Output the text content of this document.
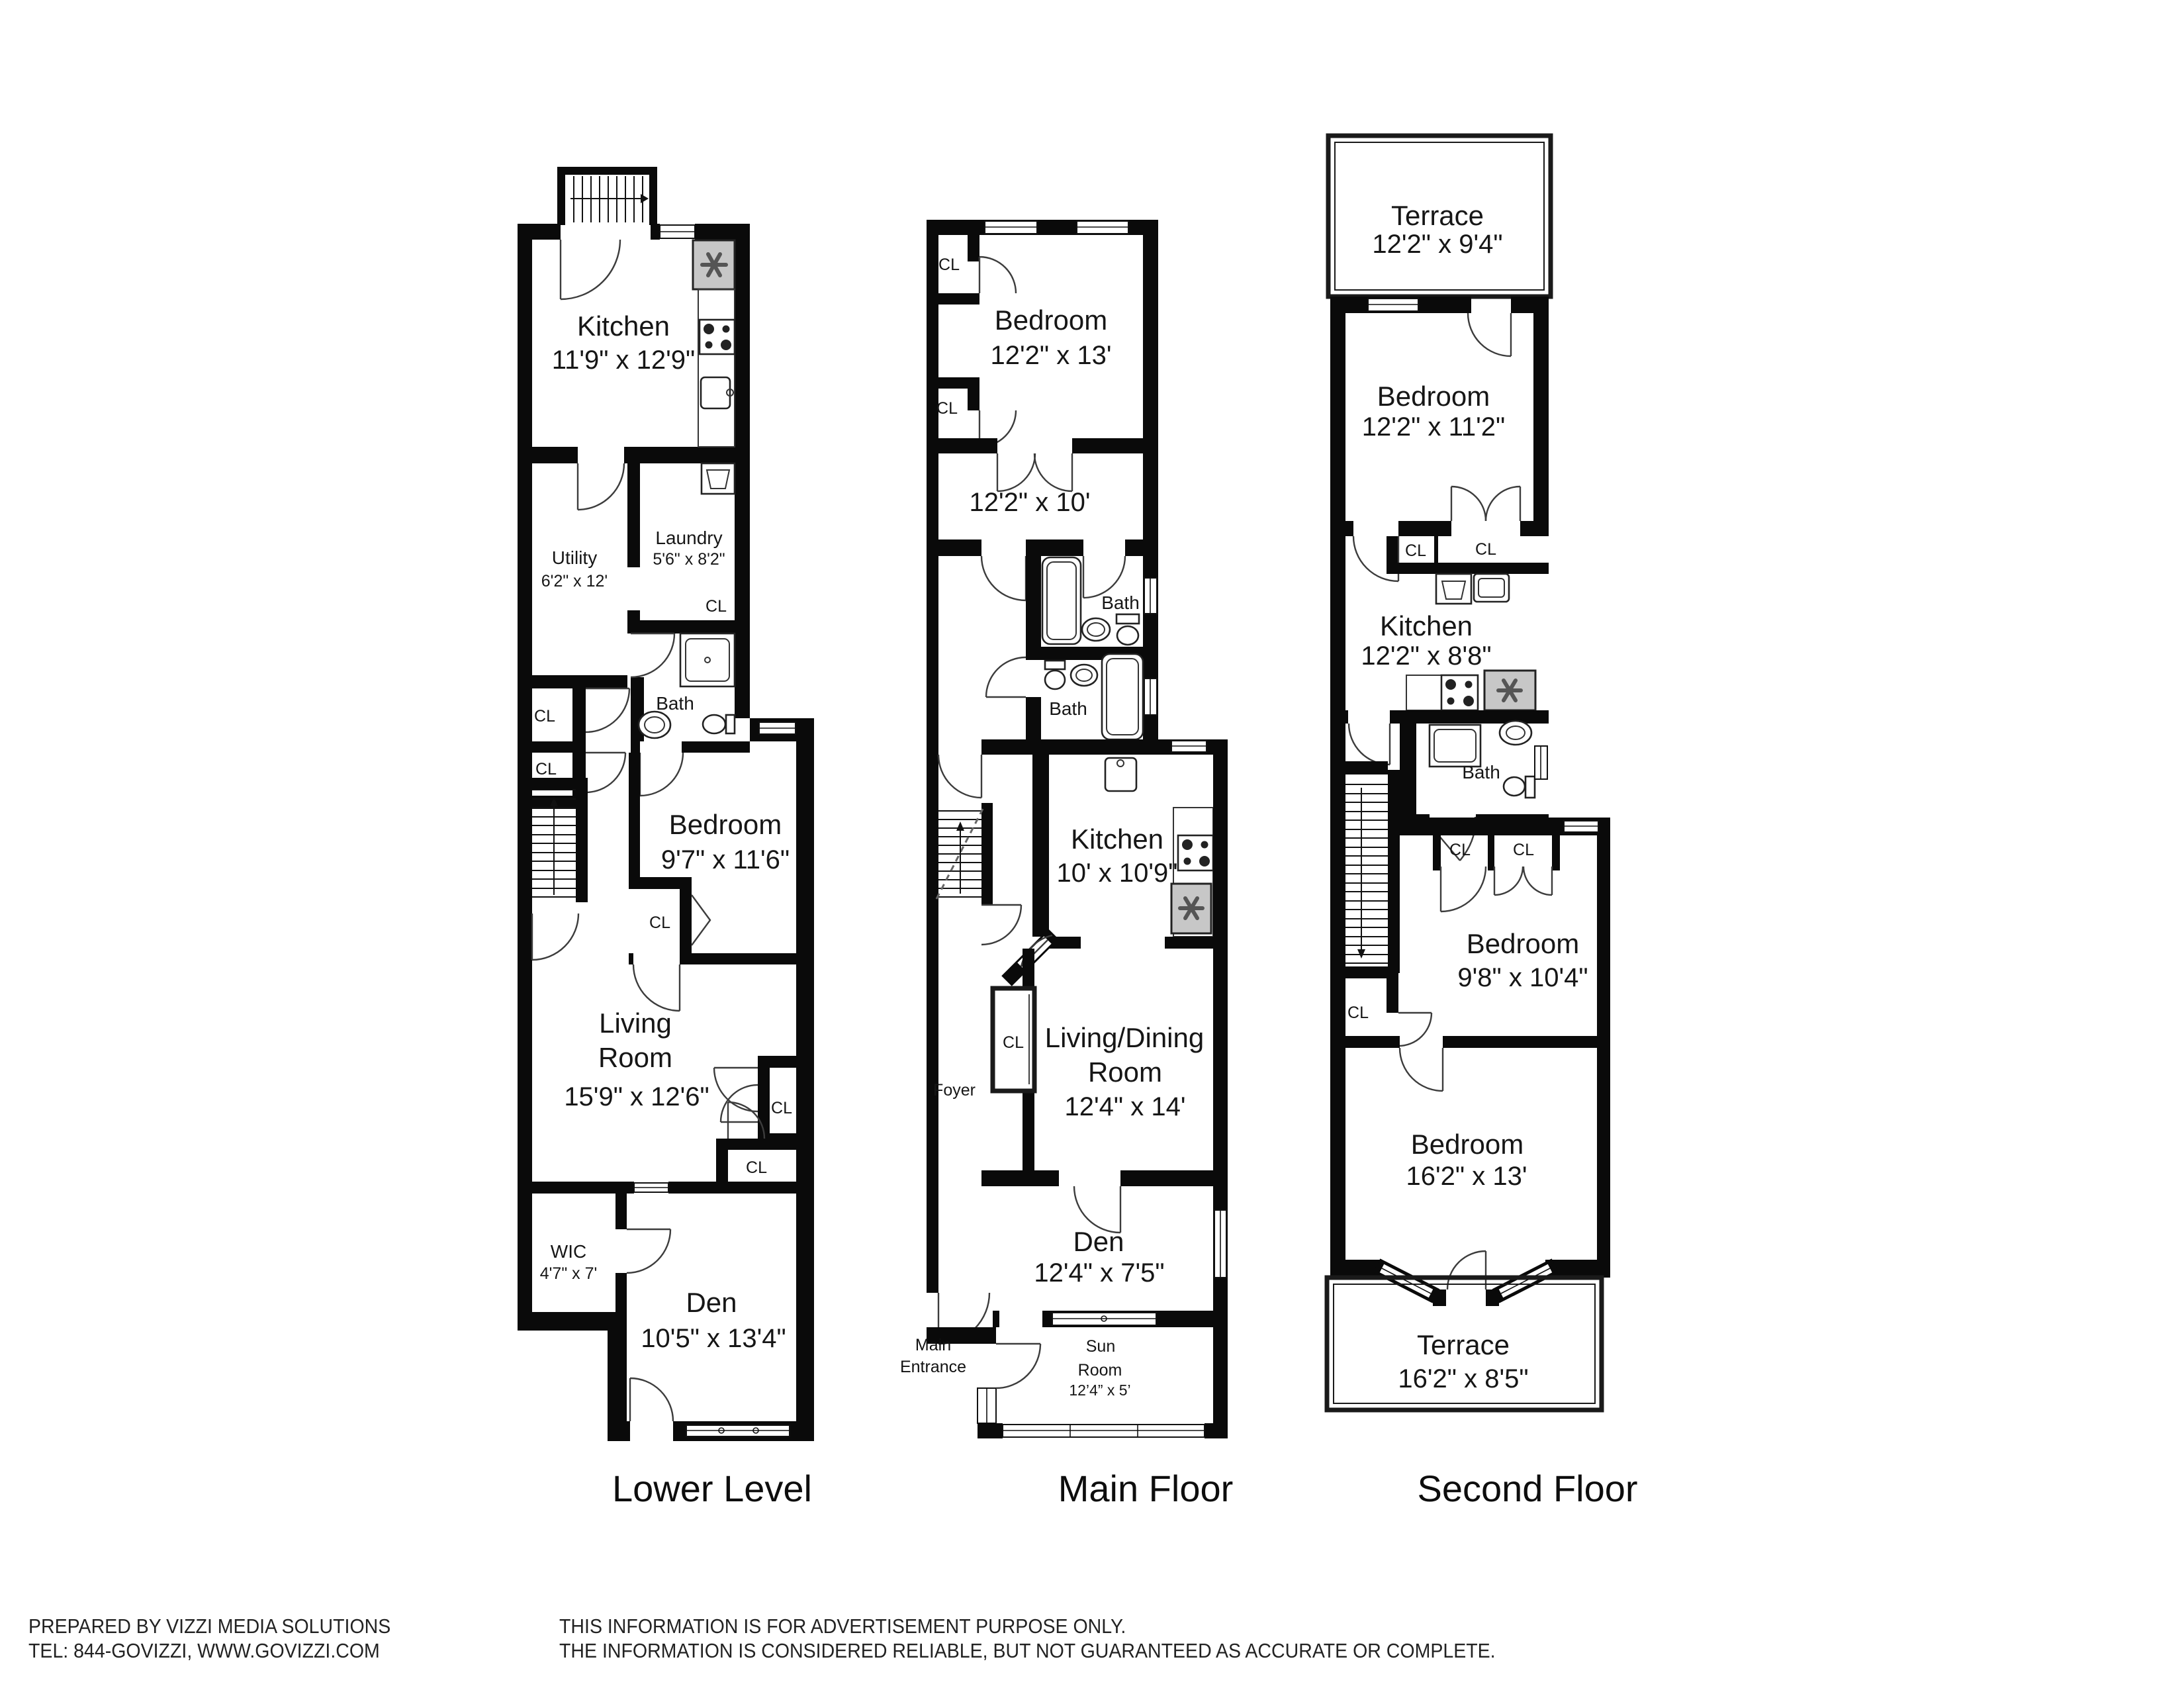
Kitchen
11'9" x 12'9"
Utility
6'2" x 12'
Laundry
5'6" x 8'2"
CL
Bath
CL
CL
Bedroom
9'7" x 11'6"
CL
Living
Room
15'9" x 12'6"	CL
CL
WIC
4'7" x 7'
Den
10'5" x 13'4"
CL
Bedroom
12'2" x 13'
CL
12'2" x 10'
Bath
Bath
Kitchen
10' x 10'9"
Foyer
CL Living/Dining
Room
12'4" x 14'
Den
12'4" x 7'5"
Sun
Room
12’4” x 5’
Terrace
12'2" x 9'4"
Bedroom
12'2" x 11'2"
CL	CL
Kitchen
12'2" x 8'8"
Bath
CL	CL
Bedroom
9'8" x 10'4"
CL
Bedroom
16'2" x 13'
Terrace
16'2" x 8'5"
Main
Entrance
Lower Level	Main Floor	Second Floor
PREPARED BY VIZZI MEDIA SOLUTIONS
TEL: 844-GOVIZZI, WWW.GOVIZZI.COM
THIS INFORMATION IS FOR ADVERTISEMENT PURPOSE ONLY.
THE INFORMATION IS CONSIDERED RELIABLE, BUT NOT GUARANTEED AS ACCURATE OR COMPLETE.
